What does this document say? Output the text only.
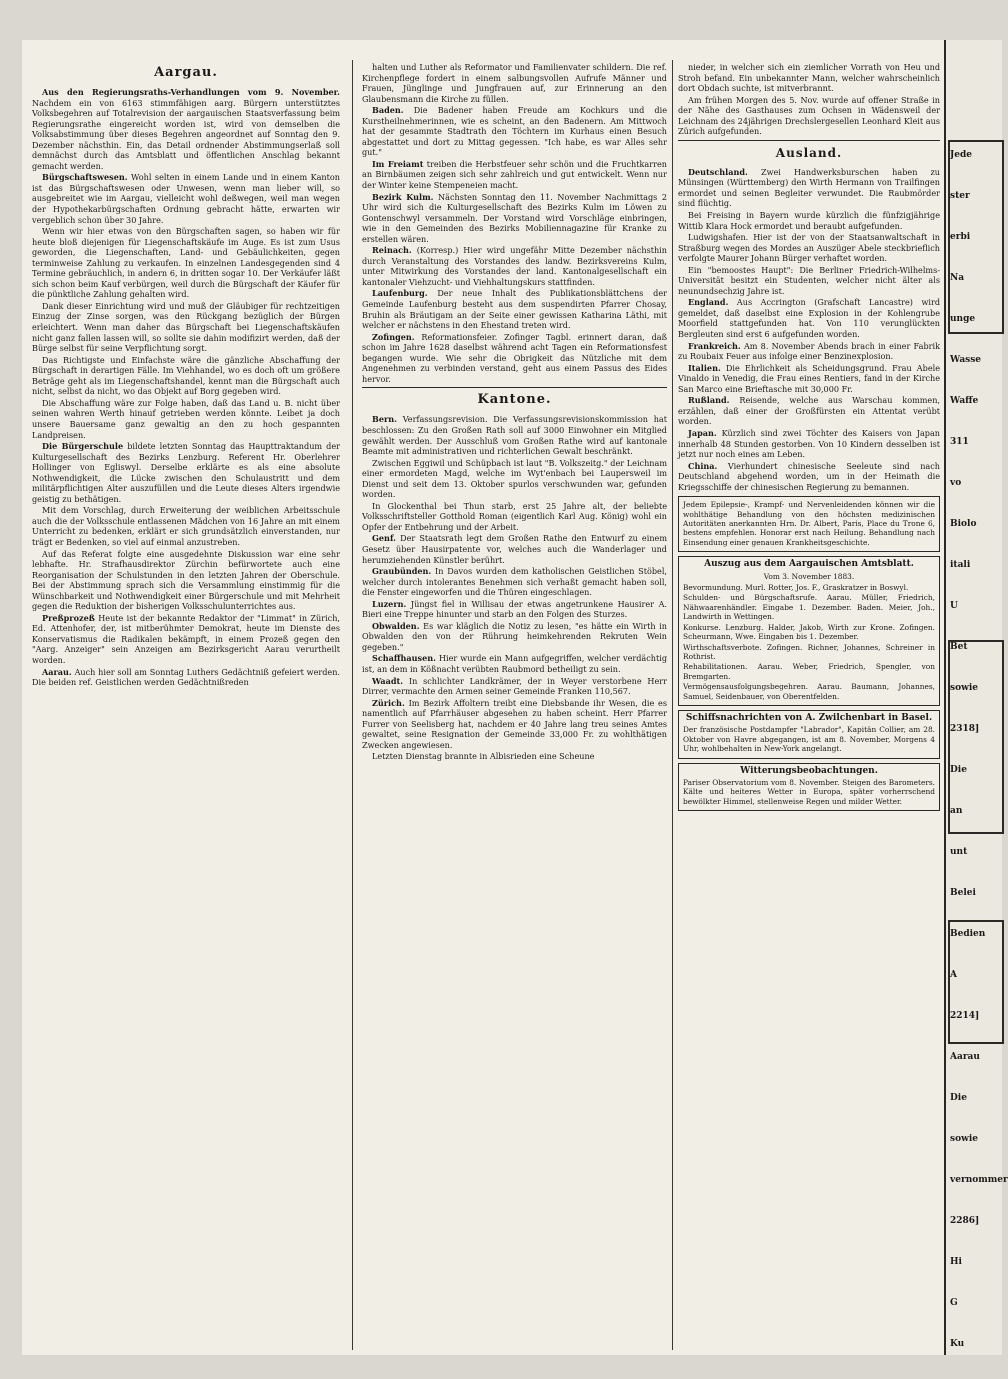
Aargau.

Aus den Regierungsraths-Verhandlungen vom 9. November. Nachdem ein von 6163 stimmfähigen aarg. Bürgern unterstütztes Volksbegehren auf Totalrevision der aargauischen Staatsverfassung beim Regierungsrathe eingereicht worden ist, wird von demselben die Volksabstimmung über dieses Begehren angeordnet auf Sonntag den 9. Dezember nächsthin. Ein, das Detail ordnender Abstimmungserlaß soll demnächst durch das Amtsblatt und öffentlichen Anschlag bekannt gemacht werden.

Bürgschaftswesen. Wohl selten in einem Lande und in einem Kanton ist das Bürgschaftswesen oder Unwesen, wenn man lieber will, so ausgebreitet wie im Aargau, vielleicht wohl deßwegen, weil man wegen der Hypothekarbürgschaften Ordnung gebracht hätte, erwarten wir vergeblich schon über 30 Jahre.

Wenn wir hier etwas von den Bürgschaften sagen, so haben wir für heute bloß diejenigen für Liegenschaftskäufe im Auge. Es ist zum Usus geworden, die Liegenschaften, Land- und Gebäulichkeiten, gegen terminweise Zahlung zu verkaufen. In einzelnen Landesgegenden sind 4 Termine gebräuchlich, in andern 6, in dritten sogar 10. Der Verkäufer läßt sich schon beim Kauf verbürgen, weil durch die Bürgschaft der Käufer für die pünktliche Zahlung gehalten wird.

Dank dieser Einrichtung wird und muß der Gläubiger für rechtzeitigen Einzug der Zinse sorgen, was den Rückgang bezüglich der Bürgen erleichtert. Wenn man daher das Bürgschaft bei Liegenschaftskäufen nicht ganz fallen lassen will, so sollte sie dahin modifizirt werden, daß der Bürge selbst für seine Verpflichtung sorgt.

Das Richtigste und Einfachste wäre die gänzliche Abschaffung der Bürgschaft in derartigen Fälle. Im Viehhandel, wo es doch oft um größere Beträge geht als im Liegenschaftshandel, kennt man die Bürgschaft auch nicht, selbst da nicht, wo das Objekt auf Borg gegeben wird.

Die Abschaffung wäre zur Folge haben, daß das Land u. B. nicht über seinen wahren Werth hinauf getrieben werden könnte. Leibet ja doch unsere Bauersame ganz gewaltig an den zu hoch gespannten Landpreisen.

Die Bürgerschule bildete letzten Sonntag das Haupttraktandum der Kulturgesellschaft des Bezirks Lenzburg. Referent Hr. Oberlehrer Hollinger von Egliswyl. Derselbe erklärte es als eine absolute Nothwendigkeit, die Lücke zwischen den Schulaustritt und dem militärpflichtigen Alter auszufüllen und die Leute dieses Alters irgendwie geistig zu bethätigen.

Mit dem Vorschlag, durch Erweiterung der weiblichen Arbeitsschule auch die der Volksschule entlassenen Mädchen von 16 Jahre an mit einem Unterricht zu bedenken, erklärt er sich grundsätzlich einverstanden, nur trägt er Bedenken, so viel auf einmal anzustreben.

Auf das Referat folgte eine ausgedehnte Diskussion war eine sehr lebhafte. Hr. Strafhausdirektor Zürchin befürwortete auch eine Reorganisation der Schulstunden in den letzten Jahren der Oberschule. Bei der Abstimmung sprach sich die Versammlung einstimmig für die Wünschbarkeit und Nothwendigkeit einer Bürgerschule und mit Mehrheit gegen die Reduktion der bisherigen Volksschulunterrichtes aus.

Preßprozeß Heute ist der bekannte Redaktor der "Limmat" in Zürich, Ed. Attenhofer, der, ist mitberühmter Demokrat, heute im Dienste des Konservatismus die Radikalen bekämpft, in einem Prozeß gegen den "Aarg. Anzeiger" sein Anzeigen am Bezirksgericht Aarau verurtheilt worden.

Aarau. Auch hier soll am Sonntag Luthers Gedächtniß gefeiert werden. Die beiden ref. Geistlichen werden Gedächtnißreden

halten und Luther als Reformator und Familienvater schildern. Die ref. Kirchenpflege fordert in einem salbungsvollen Aufrufe Männer und Frauen, Jünglinge und Jungfrauen auf, zur Erinnerung an den Glaubensmann die Kirche zu füllen.

Baden. Die Badener haben Freude am Kochkurs und die Kurstheilnehmerinnen, wie es scheint, an den Badenern. Am Mittwoch hat der gesammte Stadtrath den Töchtern im Kurhaus einen Besuch abgestattet und dort zu Mittag gegessen. "Ich habe, es war Alles sehr gut."

Im Freiamt treiben die Herbstfeuer sehr schön und die Fruchtkarren an Birnbäumen zeigen sich sehr zahlreich und gut entwickelt. Wenn nur der Winter keine Stempeneien macht.

Bezirk Kulm. Nächsten Sonntag den 11. November Nachmittags 2 Uhr wird sich die Kulturgesellschaft des Bezirks Kulm im Löwen zu Gontenschwyl versammeln. Der Vorstand wird Vorschläge einbringen, wie in den Gemeinden des Bezirks Mobiliennagazine für Kranke zu erstellen wären.

Reinach. (Korresp.) Hier wird ungefähr Mitte Dezember nächsthin durch Veranstaltung des Vorstandes des landw. Bezirksvereins Kulm, unter Mitwirkung des Vorstandes der land. Kantonalgesellschaft ein kantonaler Viehzucht- und Viehhaltungskurs stattfinden.

Laufenburg. Der neue Inhalt des Publikationsblättchens der Gemeinde Laufenburg besteht aus dem suspendirten Pfarrer Chosay, Bruhin als Bräutigam an der Seite einer gewissen Katharina Läthi, mit welcher er nächstens in den Ehestand treten wird.

Zofingen. Reformationsfeier. Zofinger Tagbl. erinnert daran, daß schon im Jahre 1628 daselbst während acht Tagen ein Reformationsfest begangen wurde. Wie sehr die Obrigkeit das Nützliche mit dem Angenehmen zu verbinden verstand, geht aus einem Passus des Eides hervor.

Kantone.

Bern. Verfassungsrevision. Die Verfassungsrevisionskommission hat beschlossen: Zu den Großen Rath soll auf 3000 Einwohner ein Mitglied gewählt werden. Der Ausschluß vom Großen Rathe wird auf kantonale Beamte mit administrativen und richterlichen Gewalt beschränkt.

Zwischen Eggiwil und Schüpbach ist laut "B. Volkszeitg." der Leichnam einer ermordeten Magd, welche im Wyt'enbach bei Laupersweil im Dienst und seit dem 13. Oktober spurlos verschwunden war, gefunden worden.

In Glockenthal bei Thun starb, erst 25 Jahre alt, der beliebte Volksschriftsteller Gotthold Roman (eigentlich Karl Aug. König) wohl ein Opfer der Entbehrung und der Arbeit.

Genf. Der Staatsrath legt dem Großen Rathe den Entwurf zu einem Gesetz über Hausirpatente vor, welches auch die Wanderlager und herumziehenden Künstler berührt.

Graubünden. In Davos wurden dem katholischen Geistlichen Stöbel, welcher durch intolerantes Benehmen sich verhaßt gemacht haben soll, die Fenster eingeworfen und die Thüren eingeschlagen.

Luzern. Jüngst fiel in Willisau der etwas angetrunkene Hausirer A. Bieri eine Treppe hinunter und starb an den Folgen des Sturzes.

Obwalden. Es war kläglich die Notiz zu lesen, "es hätte ein Wirth in Obwalden den von der Rührung heimkehrenden Rekruten Wein gegeben."

Schaffhausen. Hier wurde ein Mann aufgegriffen, welcher verdächtig ist, an dem in Kößnacht verübten Raubmord betheiligt zu sein.

Waadt. In schlichter Landkrämer, der in Weyer verstorbene Herr Dirrer, vermachte den Armen seiner Gemeinde Franken 110,567.

Zürich. Im Bezirk Affoltern treibt eine Diebsbande ihr Wesen, die es namentlich auf Pfarrhäuser abgesehen zu haben scheint. Herr Pfarrer Furrer von Seelisberg hat, nachdem er 40 Jahre lang treu seines Amtes gewaltet, seine Resignation der Gemeinde 33,000 Fr. zu wohlthätigen Zwecken angewiesen.

Letzten Dienstag brannte in Albisrieden eine Scheune

nieder, in welcher sich ein ziemlicher Vorrath von Heu und Stroh befand. Ein unbekannter Mann, welcher wahrscheinlich dort Obdach suchte, ist mitverbrannt.

Am frühen Morgen des 5. Nov. wurde auf offener Straße in der Nähe des Gasthauses zum Ochsen in Wädensweil der Leichnam des 24jährigen Drechslergesellen Leonhard Kleit aus Zürich aufgefunden.

Ausland.

Deutschland. Zwei Handwerksburschen haben zu Münsingen (Württemberg) den Wirth Hermann von Trailfingen ermordet und seinen Begleiter verwundet. Die Raubmörder sind flüchtig.

Bei Freising in Bayern wurde kürzlich die fünfzigjährige Wittib Klara Hock ermordet und beraubt aufgefunden.

Ludwigshafen. Hier ist der von der Staatsanwaltschaft in Straßburg wegen des Mordes an Auszüger Abele steckbrieflich verfolgte Maurer Johann Bürger verhaftet worden.

Ein "bemoostes Haupt": Die Berliner Friedrich-Wilhelms-Universität besitzt ein Studenten, welcher nicht älter als neunundsechzig Jahre ist.

England. Aus Accrington (Grafschaft Lancastre) wird gemeldet, daß daselbst eine Explosion in der Kohlengrube Moorfield stattgefunden hat. Von 110 verunglückten Bergleuten sind erst 6 aufgefunden worden.

Frankreich. Am 8. November Abends brach in einer Fabrik zu Roubaix Feuer aus infolge einer Benzinexplosion.

Italien. Die Ehrlichkeit als Scheidungsgrund. Frau Abele Vinaldo in Venedig, die Frau eines Rentiers, fand in der Kirche San Marco eine Brieftasche mit 30,000 Fr.

Rußland. Reisende, welche aus Warschau kommen, erzählen, daß einer der Großfürsten ein Attentat verübt worden.

Japan. Kürzlich sind zwei Töchter des Kaisers von Japan innerhalb 48 Stunden gestorben. Von 10 Kindern desselben ist jetzt nur noch eines am Leben.

China. Vierhundert chinesische Seeleute sind nach Deutschland abgehend worden, um in der Heimath die Kriegsschiffe der chinesischen Regierung zu bemannen.

Jedem Epilepsie-, Krampf- und Nervenleidenden können wir die wohlthätige Behandlung von den höchsten medizinischen Autoritäten anerkannten Hrn. Dr. Albert, Paris, Place du Trone 6, bestens empfehlen. Honorar erst nach Heilung. Behandlung nach Einsendung einer genauen Krankheitsgeschichte.

Auszug aus dem Aargauischen Amtsblatt.
Vom 3. November 1883.

Bevormundung. Murl. Rotter, Jos. F., Graskratzer in Boswyl.

Schulden- und Bürgschaftsrufe. Aarau. Müller, Friedrich, Nähwaarenhändler. Eingabe 1. Dezember. Baden. Meier, Joh., Landwirth in Wettingen.

Konkurse. Lenzburg. Halder, Jakob, Wirth zur Krone. Zofingen. Scheurmann, Wwe. Eingaben bis 1. Dezember.

Wirthschaftsverbote. Zofingen. Richner, Johannes, Schreiner in Rothrist.

Rehabilitationen. Aarau. Weber, Friedrich, Spengler, von Bremgarten.

Vermögensausfolgungsbegehren. Aarau. Baumann, Johannes, Samuel, Seidenbauer, von Oberentfelden.

Schiffsnachrichten von A. Zwilchenbart in Basel.

Der französische Postdampfer "Labrador", Kapitän Collier, am 28. Oktober von Havre abgegangen, ist am 8. November, Morgens 4 Uhr, wohlbehalten in New-York angelangt.

Witterungsbeobachtungen.

Pariser Observatorium vom 8. November. Steigen des Barometers. Kälte und heiteres Wetter in Europa, später vorherrschend bewölkter Himmel, stellenweise Regen und milder Wetter.

Jede
ster
erbi
Na
unge
Wasse
Waffe
311
vo
Biolo
itali
U
Bet
sowie
2318]
Die
an
unt
Belei
Bedien
A
2214]
Aarau
Die
sowie
vernommer
2286]
Hi
G
Ku
